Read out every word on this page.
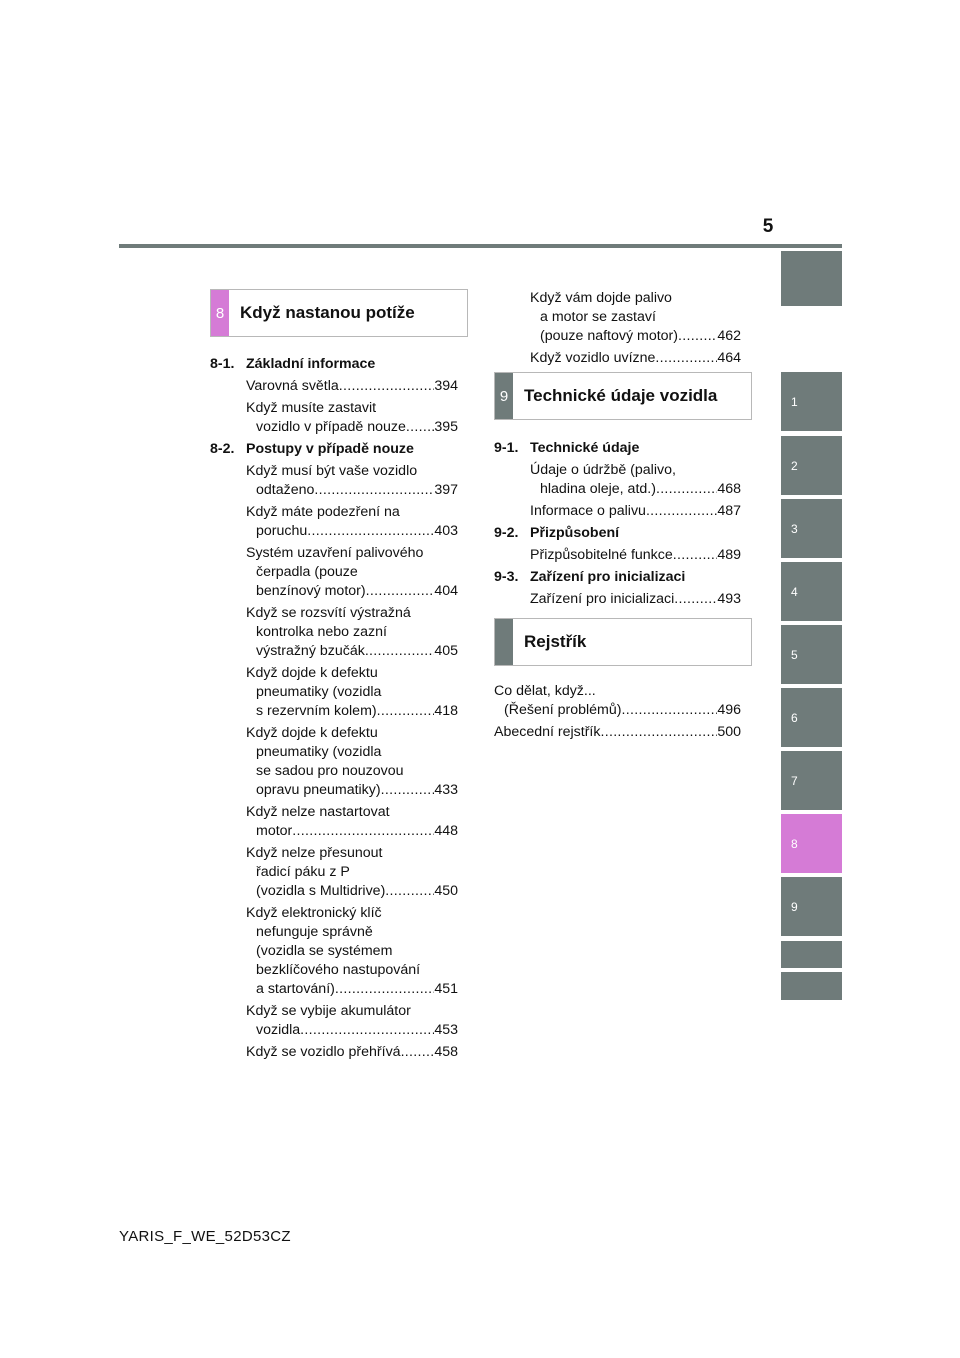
5
1
2
3
4
5
6
7
8
9
8 Když nastanou potíže
8-1. Základní informace
Varovná světla .....	394
Když musíte zastavit
vozidlo v případě nouze ..... 395
8-2. Postupy v případě nouze
Když musí být vaše vozidlo
odtaženo .....	397
Když máte podezření na
poruchu .....	403
Systém uzavření palivového
čerpadla (pouze
benzínový motor) .....	404
Když se rozsvítí výstražná
kontrolka nebo zazní
výstražný bzučák .....	405
Když dojde k defektu
pneumatiky (vozidla
s rezervním kolem) .....	418
Když dojde k defektu
pneumatiky (vozidla
se sadou pro nouzovou
opravu pneumatiky) .....	433
Když nelze nastartovat
motor .....	448
Když nelze přesunout
řadicí páku z P
(vozidla s Multidrive) .....	450
Když elektronický klíč
nefunguje správně
(vozidla se systémem
bezklíčového nastupování
a startování) .....	451
Když se vybije akumulátor
vozidla .....	453
Když se vozidlo přehřívá ..... 458
Když vám dojde palivo
a motor se zastaví
(pouze naftový motor) .....	462
Když vozidlo uvízne .....	464
9 Technické údaje vozidla
9-1. Technické údaje
Údaje o údržbě (palivo,
hladina oleje, atd.) .....	468
Informace o palivu .....	487
9-2. Přizpůsobení
Přizpůsobitelné funkce .....	489
9-3. Zařízení pro inicializaci
Zařízení pro inicializaci .....	493
Rejstřík
Co dělat, když...
(Řešení problémů) .....	496
Abecední rejstřík .....	500
YARIS_F_WE_52D53CZ
